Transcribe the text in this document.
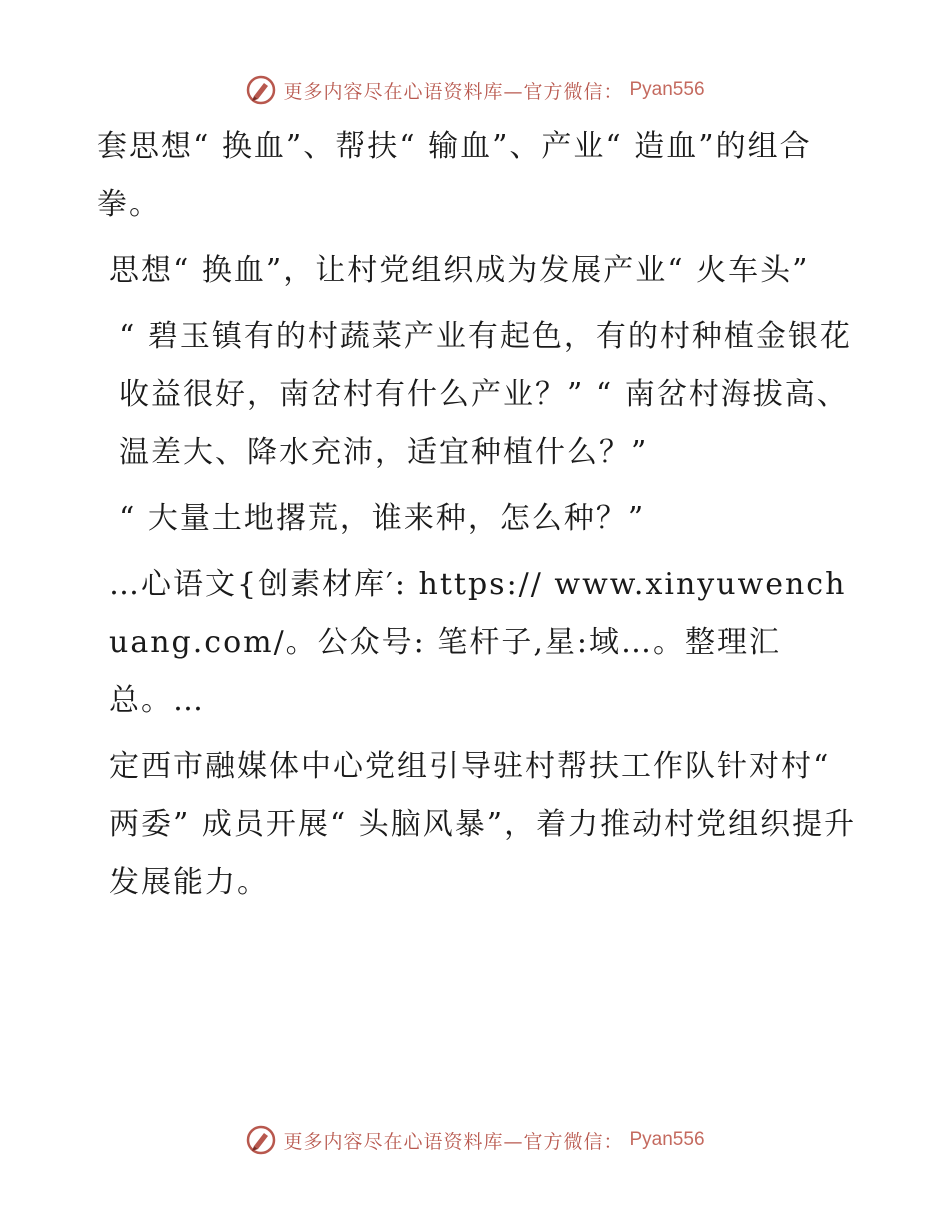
更多内容尽在心语资料库—官方微信： Pyan556

套思想“ 换血”、帮扶“ 输血”、产业“ 造血”的组合拳。

思想“ 换血”，让村党组织成为发展产业“ 火车头”

“ 碧玉镇有的村蔬菜产业有起色，有的村种植金银花收益很好，南岔村有什么产业？” “ 南岔村海拔高、温差大、降水充沛，适宜种植什么？”

“ 大量土地撂荒，谁来种，怎么种？”

…心语文{创素材库′: https:// www.xinyuwenchuang.com/。公众号: 笔杆子,星:域…。整理汇总。…

定西市融媒体中心党组引导驻村帮扶工作队针对村“ 两委” 成员开展“ 头脑风暴”，着力推动村党组织提升发展能力。

更多内容尽在心语资料库—官方微信： Pyan556
